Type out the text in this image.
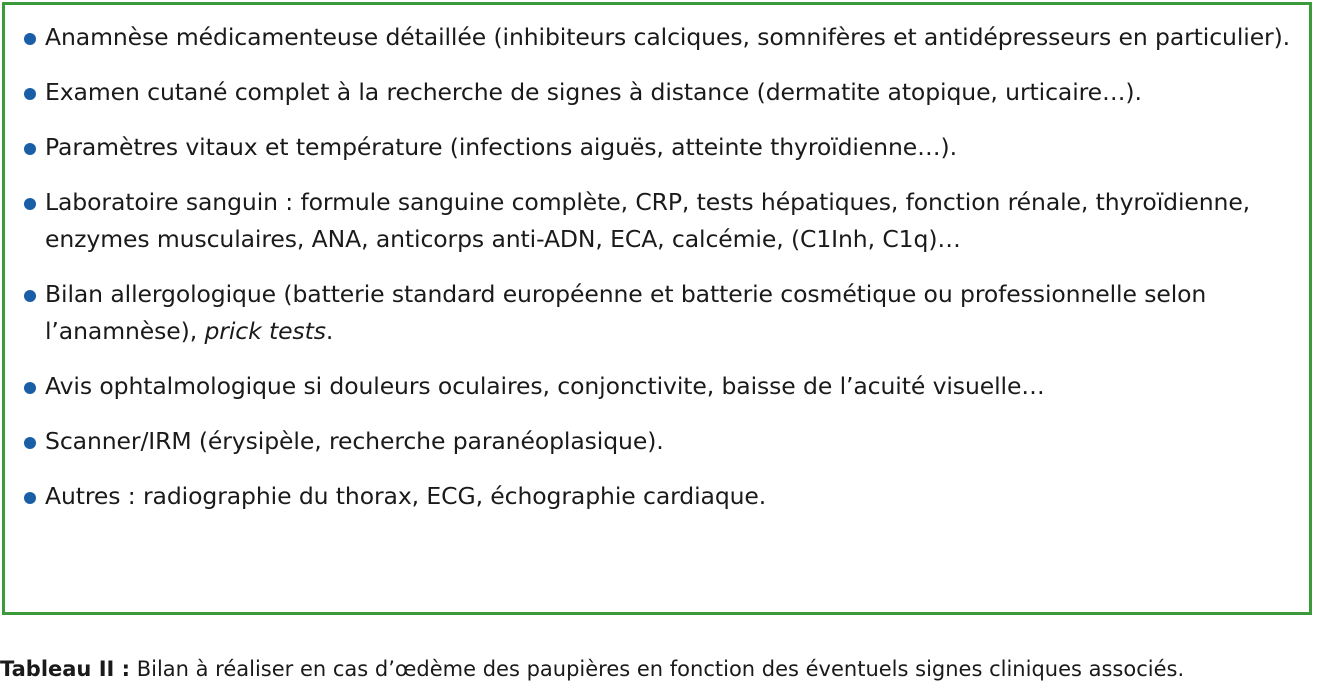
Anamnèse médicamenteuse détaillée (inhibiteurs calciques, somnifères et antidépresseurs en particulier).
Examen cutané complet à la recherche de signes à distance (dermatite atopique, urticaire…).
Paramètres vitaux et température (infections aiguës, atteinte thyroïdienne…).
Laboratoire sanguin : formule sanguine complète, CRP, tests hépatiques, fonction rénale, thyroïdienne, enzymes musculaires, ANA, anticorps anti-ADN, ECA, calcémie, (C1Inh, C1q)…
Bilan allergologique (batterie standard européenne et batterie cosmétique ou professionnelle selon l’anamnèse), prick tests.
Avis ophtalmologique si douleurs oculaires, conjonctivite, baisse de l’acuité visuelle…
Scanner/IRM (érysipèle, recherche paranéoplasique).
Autres : radiographie du thorax, ECG, échographie cardiaque.
Tableau II : Bilan à réaliser en cas d’œdème des paupières en fonction des éventuels signes cliniques associés.
